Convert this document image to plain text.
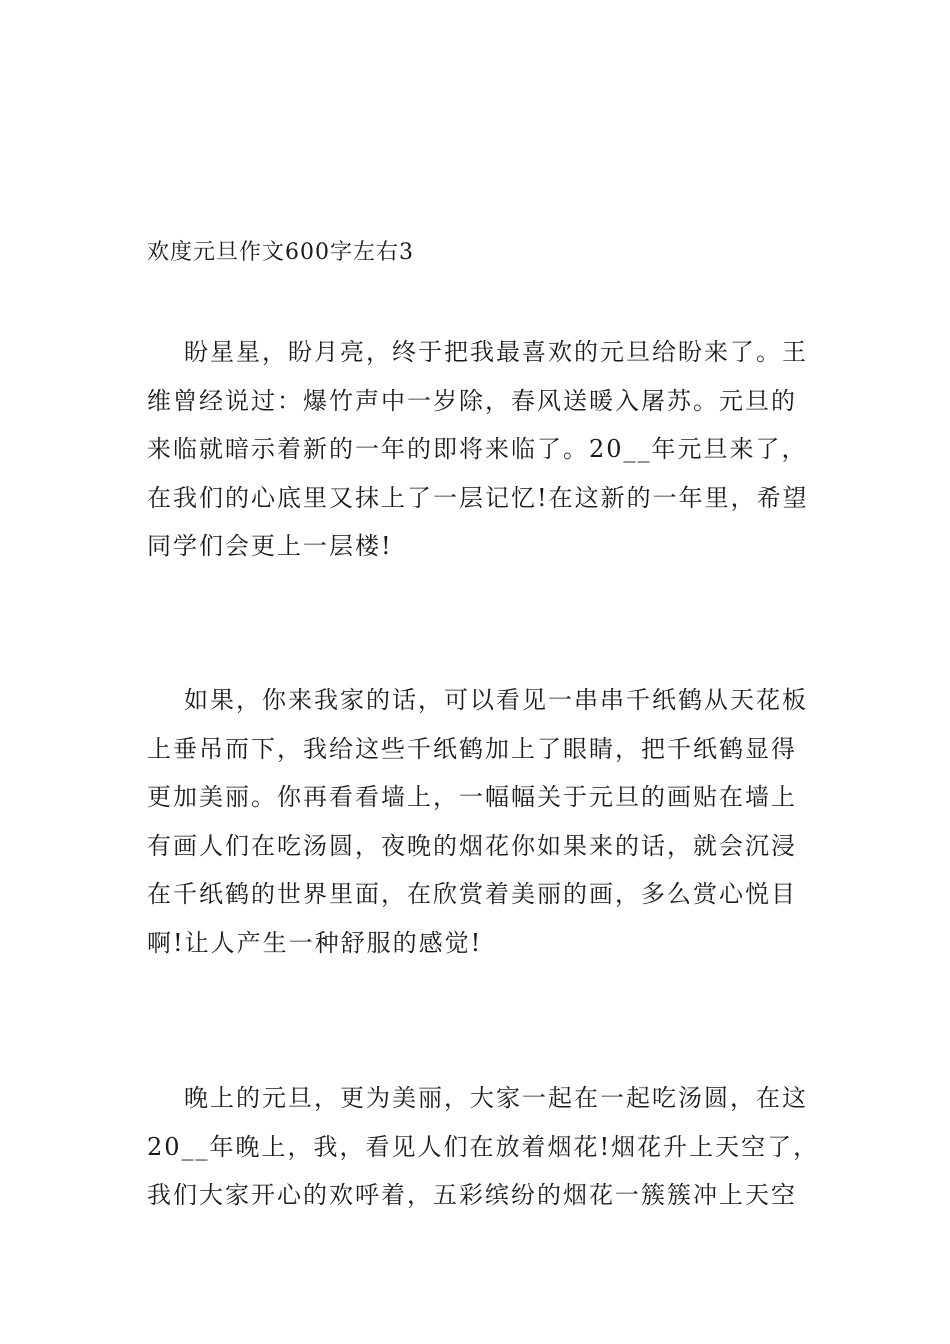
欢度元旦作文600字左右3
盼星星，盼月亮，终于把我最喜欢的元旦给盼来了。王
维曾经说过：爆竹声中一岁除，春风送暖入屠苏。元旦的
来临就暗示着新的一年的即将来临了。20__年元旦来了，
在我们的心底里又抹上了一层记忆!在这新的一年里，希望
同学们会更上一层楼!
如果，你来我家的话，可以看见一串串千纸鹤从天花板
上垂吊而下，我给这些千纸鹤加上了眼睛，把千纸鹤显得
更加美丽。你再看看墙上，一幅幅关于元旦的画贴在墙上
有画人们在吃汤圆，夜晚的烟花你如果来的话，就会沉浸
在千纸鹤的世界里面，在欣赏着美丽的画，多么赏心悦目
啊!让人产生一种舒服的感觉!
晚上的元旦，更为美丽，大家一起在一起吃汤圆，在这
20__年晚上，我，看见人们在放着烟花!烟花升上天空了，
我们大家开心的欢呼着，五彩缤纷的烟花一簇簇冲上天空
